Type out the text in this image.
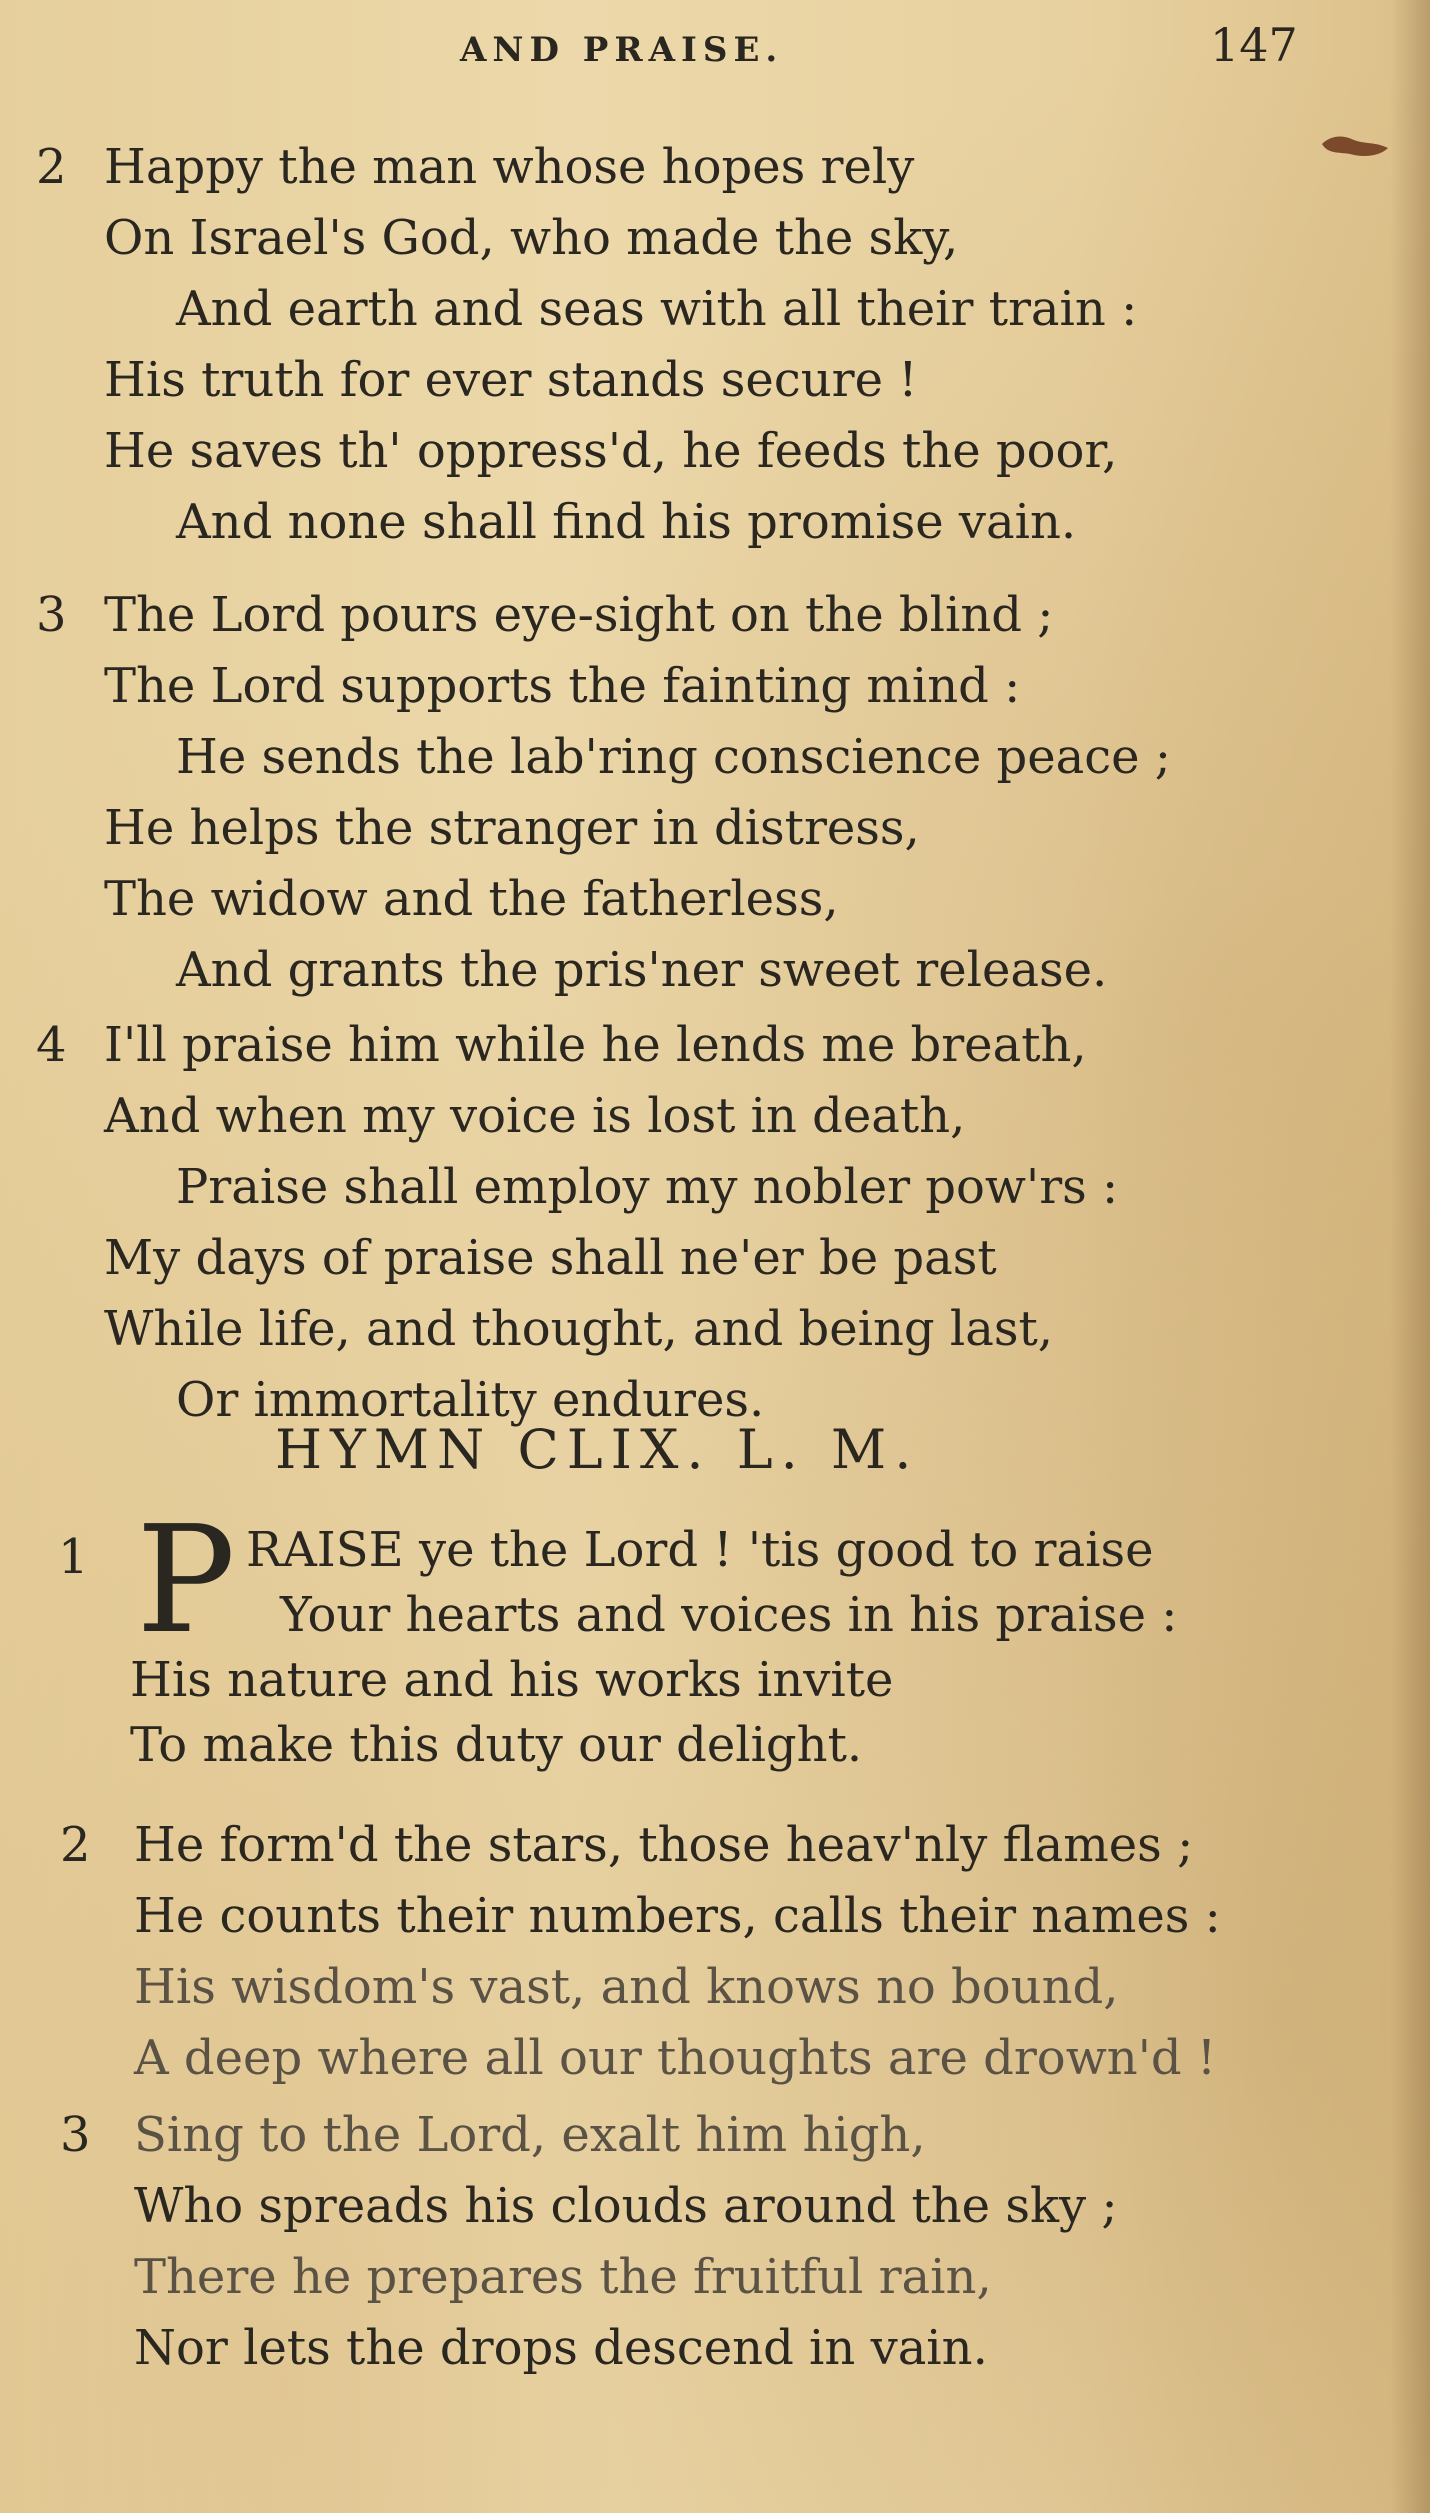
AND PRAISE.	147
2 Happy the man whose hopes rely
On Israel's God, who made the sky,
And earth and seas with all their train :
His truth for ever stands secure !
He saves th' oppress'd, he feeds the poor,
And none shall find his promise vain.
3 The Lord pours eye-sight on the blind ;
The Lord supports the fainting mind :
He sends the lab'ring conscience peace ;
He helps the stranger in distress,
The widow and the fatherless,
And grants the pris'ner sweet release.
4 I'll praise him while he lends me breath,
And when my voice is lost in death,
Praise shall employ my nobler pow'rs :
My days of praise shall ne'er be past
While life, and thought, and being last,
Or immortality endures.
HYMN CLIX. L. M.
1 P RAISE ye the Lord ! 'tis good to raise
Your hearts and voices in his praise :
His nature and his works invite
To make this duty our delight.
2 He form'd the stars, those heav'nly flames ;
He counts their numbers, calls their names :
His wisdom's vast, and knows no bound,
A deep where all our thoughts are drown'd !
3 Sing to the Lord, exalt him high,
Who spreads his clouds around the sky ;
There he prepares the fruitful rain,
Nor lets the drops descend in vain.
